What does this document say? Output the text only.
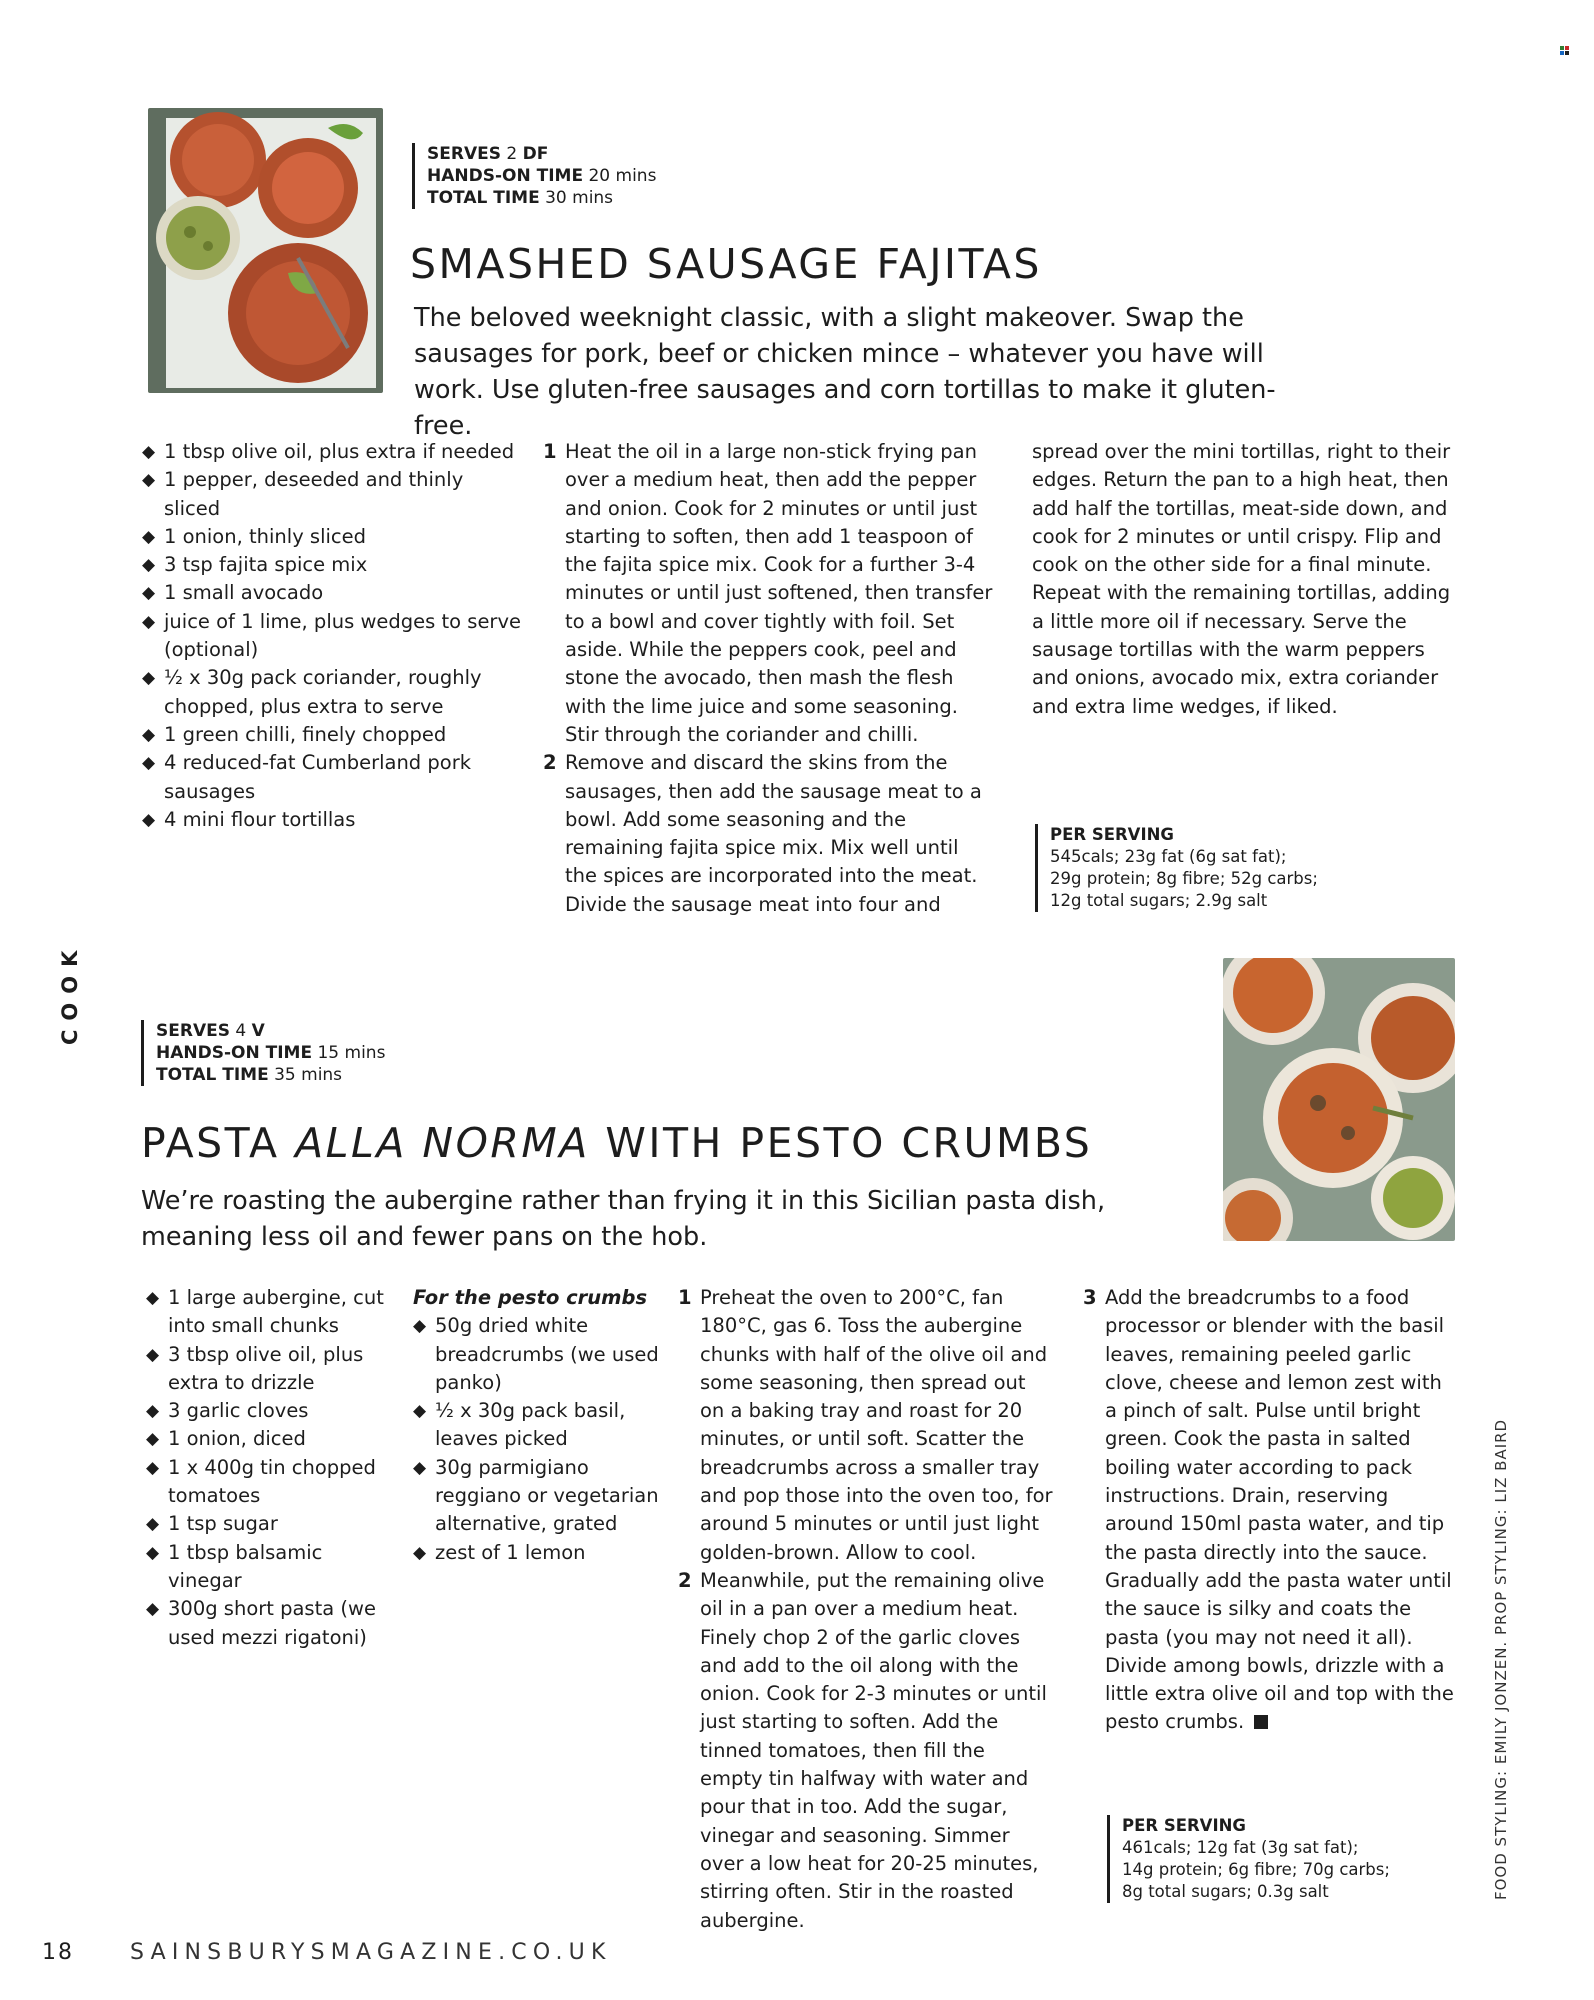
SERVES 2 DF
HANDS-ON TIME 20 mins
TOTAL TIME 30 mins
SMASHED SAUSAGE FAJITAS

The beloved weeknight classic, with a slight makeover. Swap the sausages for pork, beef or chicken mince – whatever you have will work. Use gluten-free sausages and corn tortillas to make it gluten-free.

◆ 1 tbsp olive oil, plus extra if needed
◆ 1 pepper, deseeded and thinly sliced
◆ 1 onion, thinly sliced
◆ 3 tsp fajita spice mix
◆ 1 small avocado
◆ juice of 1 lime, plus wedges to serve (optional)
◆ ½ x 30g pack coriander, roughly chopped, plus extra to serve
◆ 1 green chilli, finely chopped
◆ 4 reduced-fat Cumberland pork sausages
◆ 4 mini flour tortillas
1 Heat the oil in a large non-stick frying pan over a medium heat, then add the pepper and onion. Cook for 2 minutes or until just starting to soften, then add 1 teaspoon of the fajita spice mix. Cook for a further 3-4 minutes or until just softened, then transfer to a bowl and cover tightly with foil. Set aside. While the peppers cook, peel and stone the avocado, then mash the flesh with the lime juice and some seasoning. Stir through the coriander and chilli.
2 Remove and discard the skins from the sausages, then add the sausage meat to a bowl. Add some seasoning and the remaining fajita spice mix. Mix well until the spices are incorporated into the meat. Divide the sausage meat into four and
spread over the mini tortillas, right to their edges. Return the pan to a high heat, then add half the tortillas, meat-side down, and cook for 2 minutes or until crispy. Flip and cook on the other side for a final minute. Repeat with the remaining tortillas, adding a little more oil if necessary. Serve the sausage tortillas with the warm peppers and onions, avocado mix, extra coriander and extra lime wedges, if liked.
PER SERVING
545cals; 23g fat (6g sat fat);
29g protein; 8g fibre; 52g carbs;
12g total sugars; 2.9g salt
COOK	SERVES 4 V
HANDS-ON TIME 15 mins
TOTAL TIME 35 mins
PASTA ALLA NORMA WITH PESTO CRUMBS

We’re roasting the aubergine rather than frying it in this Sicilian pasta dish, meaning less oil and fewer pans on the hob.

◆ 1 large aubergine, cut into small chunks
◆ 3 tbsp olive oil, plus extra to drizzle
◆ 3 garlic cloves
◆ 1 onion, diced
◆ 1 x 400g tin chopped tomatoes
◆ 1 tsp sugar
◆ 1 tbsp balsamic vinegar
◆ 300g short pasta (we used mezzi rigatoni)
For the pesto crumbs
◆ 50g dried white breadcrumbs (we used panko)
◆ ½ x 30g pack basil, leaves picked
◆ 30g parmigiano reggiano or vegetarian alternative, grated
◆ zest of 1 lemon
1 Preheat the oven to 200°C, fan 180°C, gas 6. Toss the aubergine chunks with half of the olive oil and some seasoning, then spread out on a baking tray and roast for 20 minutes, or until soft. Scatter the breadcrumbs across a smaller tray and pop those into the oven too, for around 5 minutes or until just light golden-brown. Allow to cool.
2 Meanwhile, put the remaining olive oil in a pan over a medium heat. Finely chop 2 of the garlic cloves and add to the oil along with the onion. Cook for 2-3 minutes or until just starting to soften. Add the tinned tomatoes, then fill the empty tin halfway with water and pour that in too. Add the sugar, vinegar and seasoning. Simmer over a low heat for 20-25 minutes, stirring often. Stir in the roasted aubergine.
3 Add the breadcrumbs to a food processor or blender with the basil leaves, remaining peeled garlic clove, cheese and lemon zest with a pinch of salt. Pulse until bright green. Cook the pasta in salted boiling water according to pack instructions. Drain, reserving around 150ml pasta water, and tip the pasta directly into the sauce. Gradually add the pasta water until the sauce is silky and coats the pasta (you may not need it all). Divide among bowls, drizzle with a little extra olive oil and top with the pesto crumbs.
PER SERVING
461cals; 12g fat (3g sat fat);
14g protein; 6g fibre; 70g carbs;
8g total sugars; 0.3g salt	FOOD STYLING: EMILY JONZEN. PROP STYLING: LIZ BAIRD
18	SAINSBURYSMAGAZINE.CO.UK
